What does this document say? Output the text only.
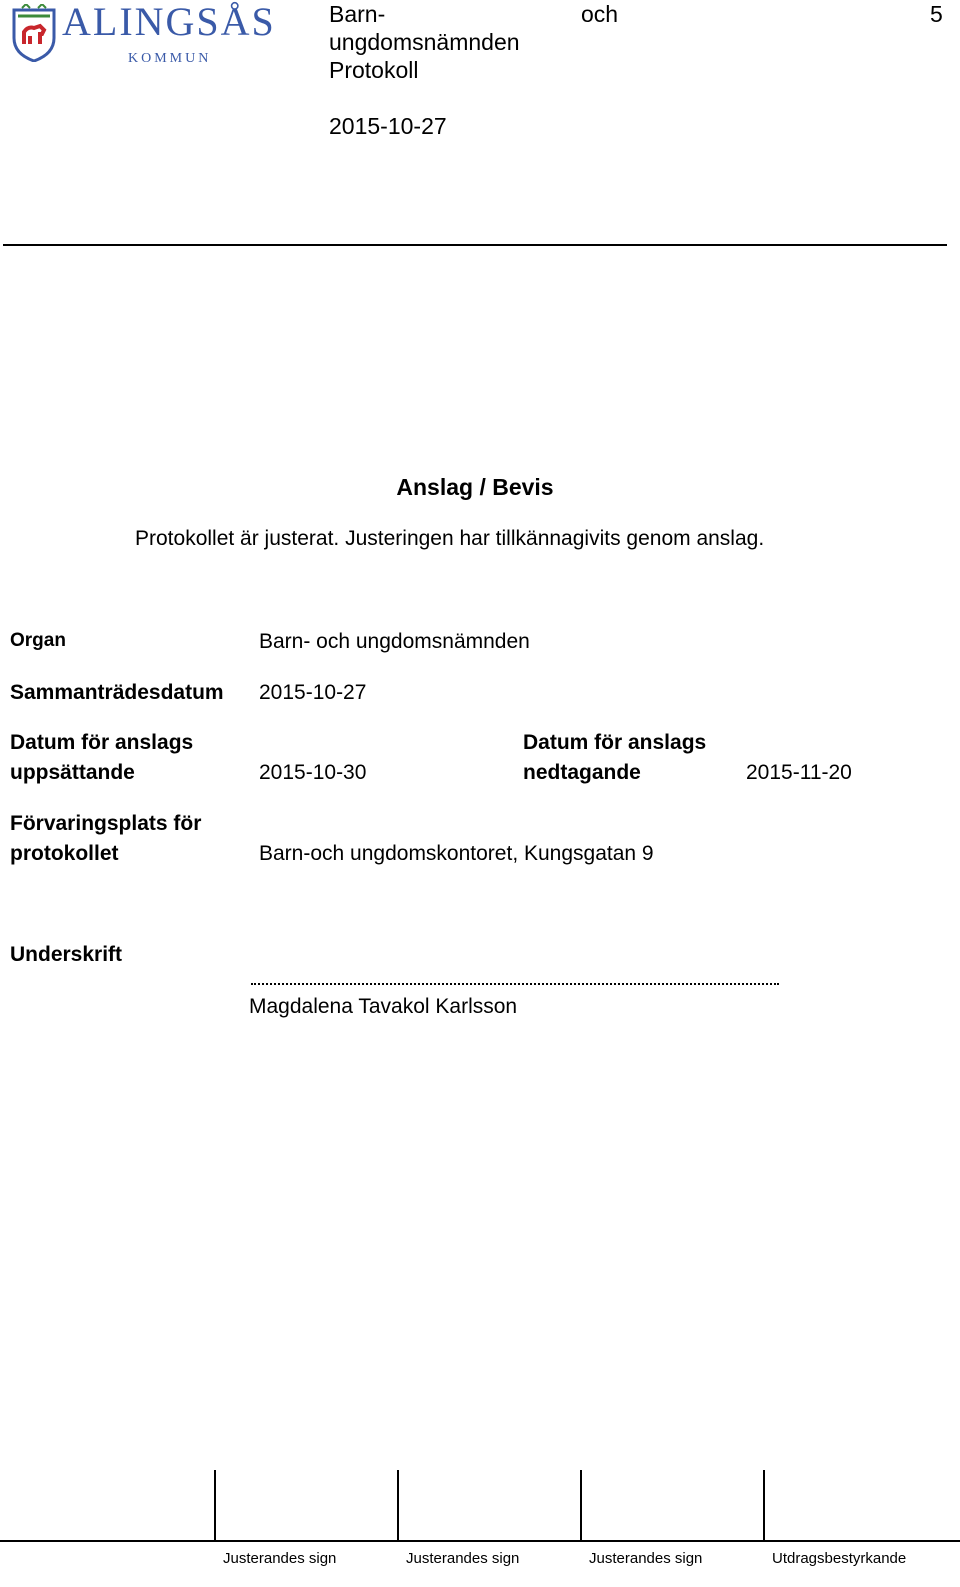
ALINGSÅS
KOMMUN
Barn-
ungdomsnämnden
Protokoll
och	5
2015-10-27
Anslag / Bevis
Protokollet är justerat. Justeringen har tillkännagivits genom anslag.
Organ	Barn- och ungdomsnämnden
Sammanträdesdatum 2015-10-27
Datum för anslags
uppsättande	2015-10-30
Datum för anslags
nedtagande	2015-11-20
Förvaringsplats för
protokollet	Barn-och ungdomskontoret, Kungsgatan 9
Underskrift
Magdalena Tavakol Karlsson
Justerandes sign	Justerandes sign	Justerandes sign	Utdragsbestyrkande
